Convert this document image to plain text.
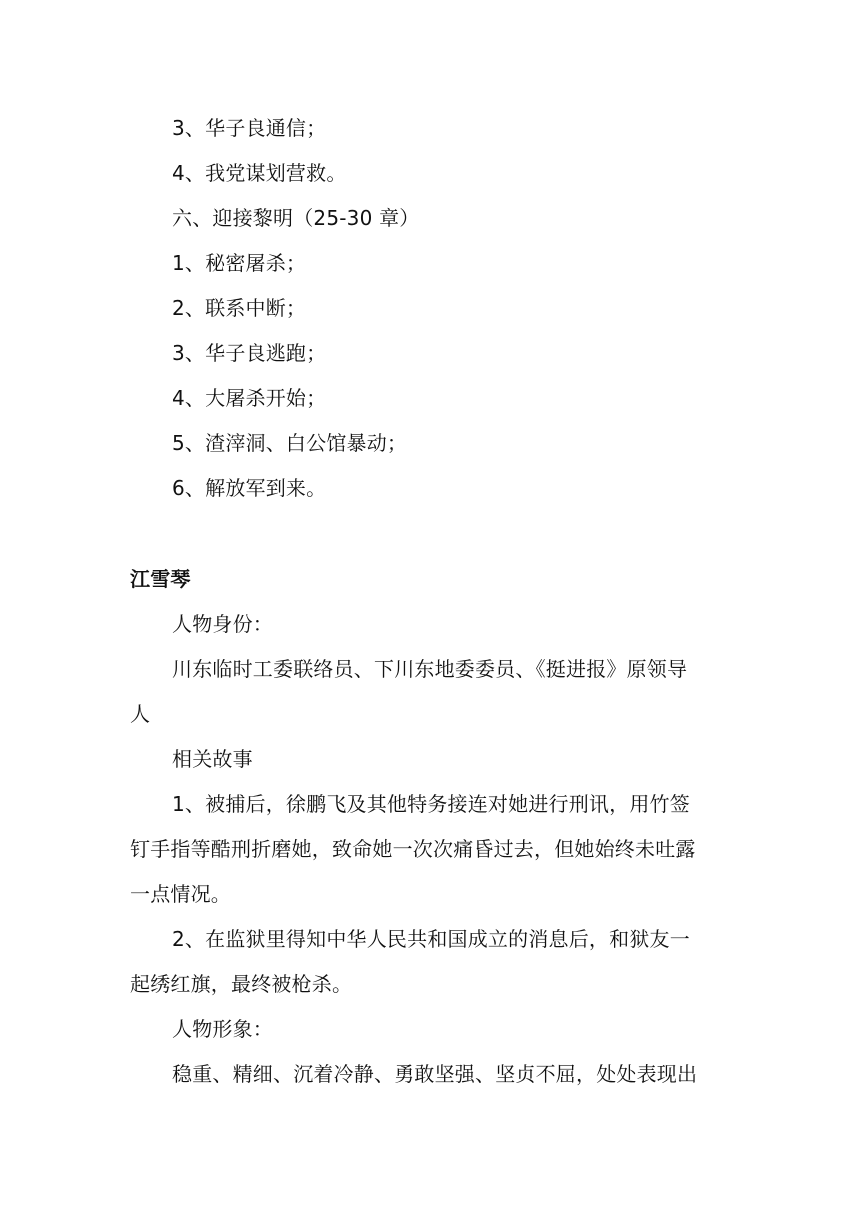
3、华子良通信；
4、我党谋划营救。
六、迎接黎明（25-30 章）
1、秘密屠杀；
2、联系中断；
3、华子良逃跑；
4、大屠杀开始；
5、渣滓洞、白公馆暴动；
6、解放军到来。
江雪琴
人物身份：
川东临时工委联络员、下川东地委委员、《挺进报》原领导
人
相关故事
1、被捕后，徐鹏飞及其他特务接连对她进行刑讯，用竹签
钉手指等酷刑折磨她，致命她一次次痛昏过去，但她始终未吐露
一点情况。
2、在监狱里得知中华人民共和国成立的消息后，和狱友一
起绣红旗，最终被枪杀。
人物形象：
稳重、精细、沉着冷静、勇敢坚强、坚贞不屈，处处表现出
